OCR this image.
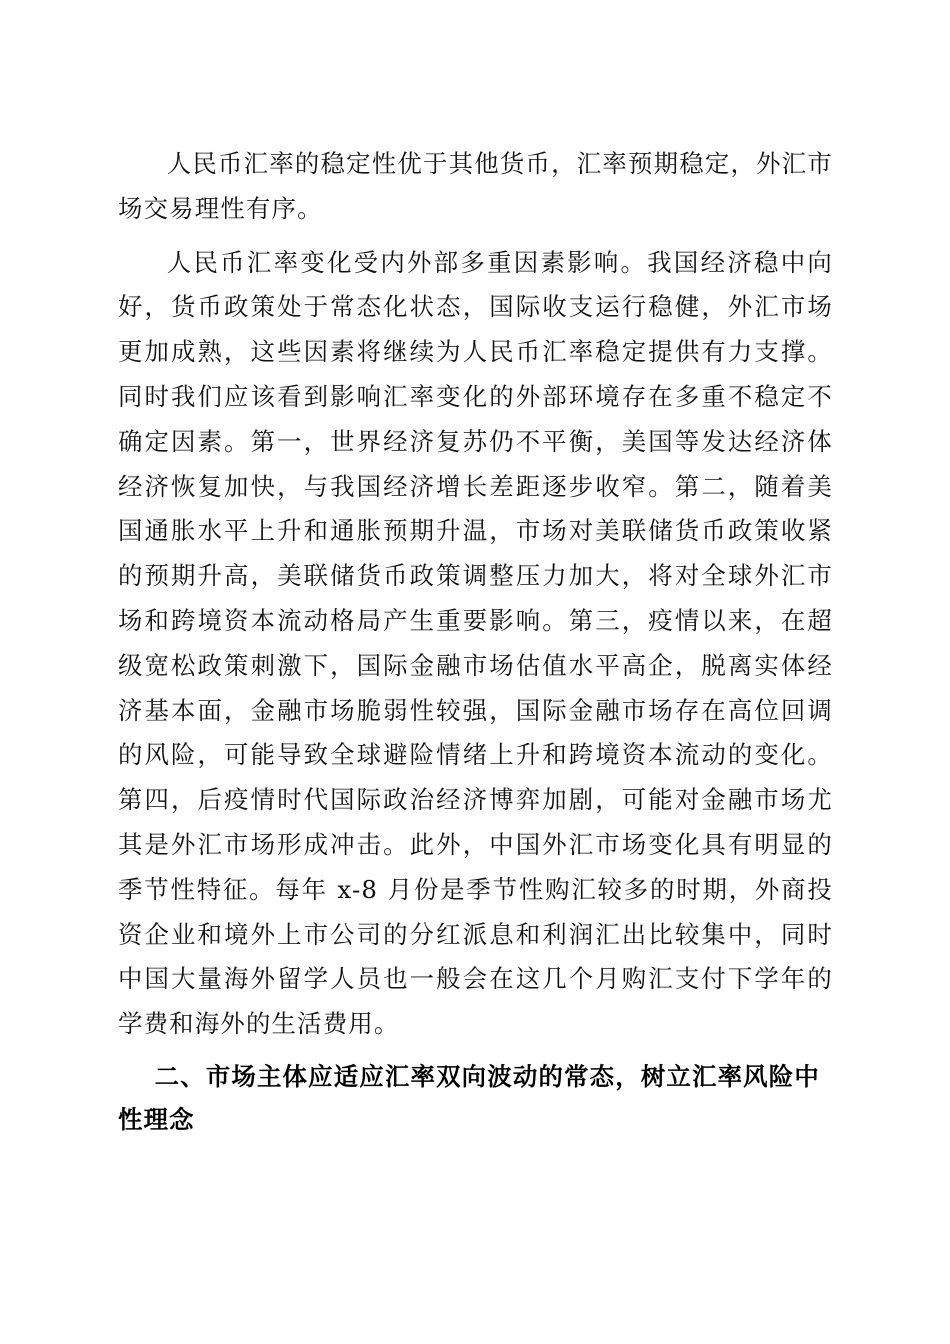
人民币汇率的稳定性优于其他货币，汇率预期稳定，外汇市场交易理性有序。

人民币汇率变化受内外部多重因素影响。我国经济稳中向好，货币政策处于常态化状态，国际收支运行稳健，外汇市场更加成熟，这些因素将继续为人民币汇率稳定提供有力支撑。同时我们应该看到影响汇率变化的外部环境存在多重不稳定不确定因素。第一，世界经济复苏仍不平衡，美国等发达经济体经济恢复加快，与我国经济增长差距逐步收窄。第二，随着美国通胀水平上升和通胀预期升温，市场对美联储货币政策收紧的预期升高，美联储货币政策调整压力加大，将对全球外汇市场和跨境资本流动格局产生重要影响。第三，疫情以来，在超级宽松政策刺激下，国际金融市场估值水平高企，脱离实体经济基本面，金融市场脆弱性较强，国际金融市场存在高位回调的风险，可能导致全球避险情绪上升和跨境资本流动的变化。第四，后疫情时代国际政治经济博弈加剧，可能对金融市场尤其是外汇市场形成冲击。此外，中国外汇市场变化具有明显的季节性特征。每年 x-8 月份是季节性购汇较多的时期，外商投资企业和境外上市公司的分红派息和利润汇出比较集中，同时中国大量海外留学人员也一般会在这几个月购汇支付下学年的学费和海外的生活费用。

二、市场主体应适应汇率双向波动的常态，树立汇率风险中性理念
